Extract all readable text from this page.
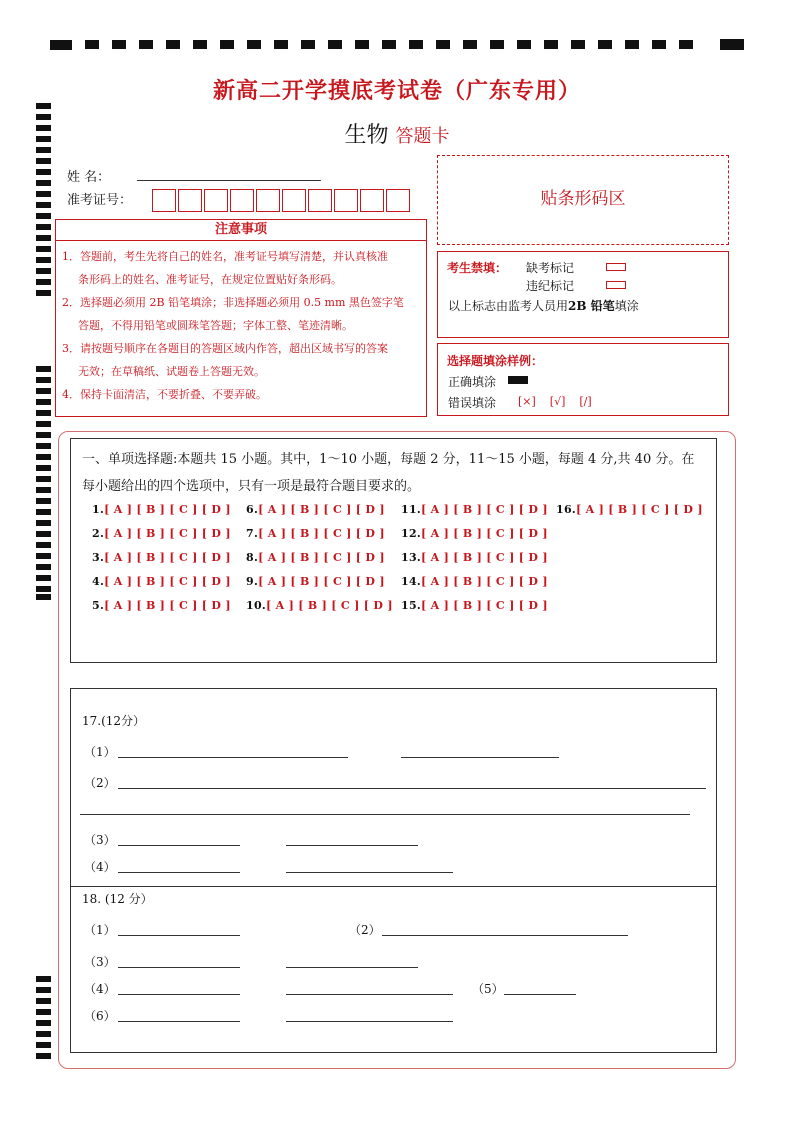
新高二开学摸底考试卷（广东专用）
生物 答题卡
姓 名：
准考证号：
注意事项
1．答题前，考生先将自己的姓名，准考证号填写清楚，并认真核准
条形码上的姓名、准考证号，在规定位置贴好条形码。
2．选择题必须用 2B 铅笔填涂；非选择题必须用 0.5 mm 黑色签字笔
答题，不得用铅笔或圆珠笔答题；字体工整、笔迹清晰。
3．请按题号顺序在各题目的答题区域内作答，超出区域书写的答案
无效；在草稿纸、试题卷上答题无效。
4．保持卡面清洁，不要折叠、不要弄破。
贴条形码区
考生禁填： 缺考标记
违纪标记
以上标志由监考人员用2B 铅笔填涂
选择题填涂样例：
正确填涂
错误填涂 [×]    [√]    [/]
一、单项选择题:本题共 15 小题。其中，1～10 小题，每题 2 分，11～15 小题，每题 4 分,共 40 分。在
每小题给出的四个选项中，只有一项是最符合题目要求的。
1.[ A ] [ B ] [ C ] [ D ]
2.[ A ] [ B ] [ C ] [ D ]
3.[ A ] [ B ] [ C ] [ D ]
4.[ A ] [ B ] [ C ] [ D ]
5.[ A ] [ B ] [ C ] [ D ]
6.[ A ] [ B ] [ C ] [ D ]
7.[ A ] [ B ] [ C ] [ D ]
8.[ A ] [ B ] [ C ] [ D ]
9.[ A ] [ B ] [ C ] [ D ]
10.[ A ] [ B ] [ C ] [ D ]
11.[ A ] [ B ] [ C ] [ D ]
12.[ A ] [ B ] [ C ] [ D ]
13.[ A ] [ B ] [ C ] [ D ]
14.[ A ] [ B ] [ C ] [ D ]
15.[ A ] [ B ] [ C ] [ D ]
16.[ A ] [ B ] [ C ] [ D ]
17.(12分）
（1）
（2）
（3）
（4）
18. (12 分）
（1）	（2）
（3）
（4）	（5）
（6）
